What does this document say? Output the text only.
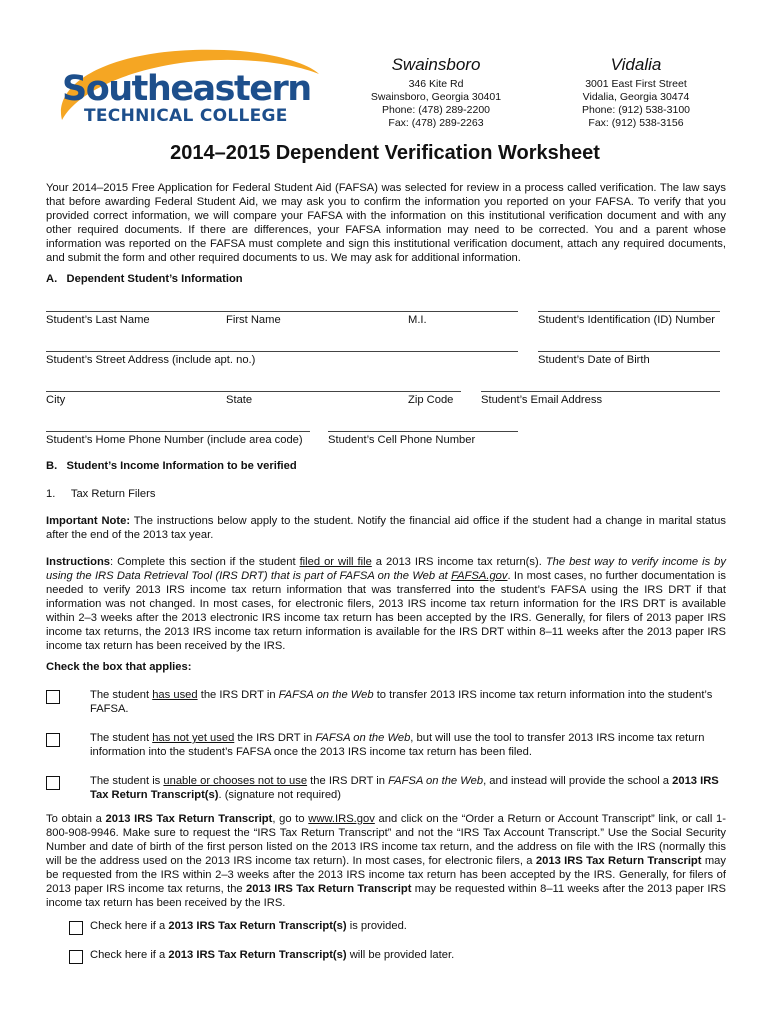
Southeastern
TECHNICAL COLLEGE
Swainsboro
346 Kite Rd
Swainsboro, Georgia 30401
Phone: (478) 289-2200
Fax: (478) 289-2263
Vidalia
3001 East First Street
Vidalia, Georgia 30474
Phone: (912) 538-3100
Fax: (912) 538-3156
2014–2015 Dependent Verification Worksheet
Your 2014–2015 Free Application for Federal Student Aid (FAFSA) was selected for review in a process called verification. The law says that before awarding Federal Student Aid, we may ask you to confirm the information you reported on your FAFSA. To verify that you provided correct information, we will compare your FAFSA with the information on this institutional verification document and with any other required documents. If there are differences, your FAFSA information may need to be corrected. You and a parent whose information was reported on the FAFSA must complete and sign this institutional verification document, attach any required documents, and submit the form and other required documents to us. We may ask for additional information.
A.   Dependent Student’s Information
Student’s Last Name	First Name	M.I.	Student’s Identification (ID) Number
Student’s Street Address (include apt. no.)	Student’s Date of Birth
City	State	Zip Code Student’s Email Address
Student’s Home Phone Number (include area code) Student’s Cell Phone Number
B.   Student’s Income Information to be verified
1.     Tax Return Filers
Important Note: The instructions below apply to the student. Notify the financial aid office if the student had a change in marital status after the end of the 2013 tax year.
Instructions: Complete this section if the student filed or will file a 2013 IRS income tax return(s). The best way to verify income is by using the IRS Data Retrieval Tool (IRS DRT) that is part of FAFSA on the Web at FAFSA.gov. In most cases, no further documentation is needed to verify 2013 IRS income tax return information that was transferred into the student’s FAFSA using the IRS DRT if that information was not changed. In most cases, for electronic filers, 2013 IRS income tax return information for the IRS DRT is available within 2–3 weeks after the 2013 electronic IRS income tax return has been accepted by the IRS. Generally, for filers of 2013 paper IRS income tax returns, the 2013 IRS income tax return information is available for the IRS DRT within 8–11 weeks after the 2013 paper IRS income tax return has been received by the IRS.
Check the box that applies:
The student has used the IRS DRT in FAFSA on the Web to transfer 2013 IRS income tax return information into the student’s FAFSA.
The student has not yet used the IRS DRT in FAFSA on the Web, but will use the tool to transfer 2013 IRS income tax return information into the student’s FAFSA once the 2013 IRS income tax return has been filed.
The student is unable or chooses not to use the IRS DRT in FAFSA on the Web, and instead will provide the school a 2013 IRS Tax Return Transcript(s). (signature not required)
To obtain a 2013 IRS Tax Return Transcript, go to www.IRS.gov and click on the “Order a Return or Account Transcript” link, or call 1-800-908-9946. Make sure to request the “IRS Tax Return Transcript” and not the “IRS Tax Account Transcript.” Use the Social Security Number and date of birth of the first person listed on the 2013 IRS income tax return, and the address on file with the IRS (normally this will be the address used on the 2013 IRS income tax return). In most cases, for electronic filers, a 2013 IRS Tax Return Transcript may be requested from the IRS within 2–3 weeks after the 2013 IRS income tax return has been accepted by the IRS. Generally, for filers of 2013 paper IRS income tax returns, the 2013 IRS Tax Return Transcript may be requested within 8–11 weeks after the 2013 paper IRS income tax return has been received by the IRS.
Check here if a 2013 IRS Tax Return Transcript(s) is provided.
Check here if a 2013 IRS Tax Return Transcript(s) will be provided later.
